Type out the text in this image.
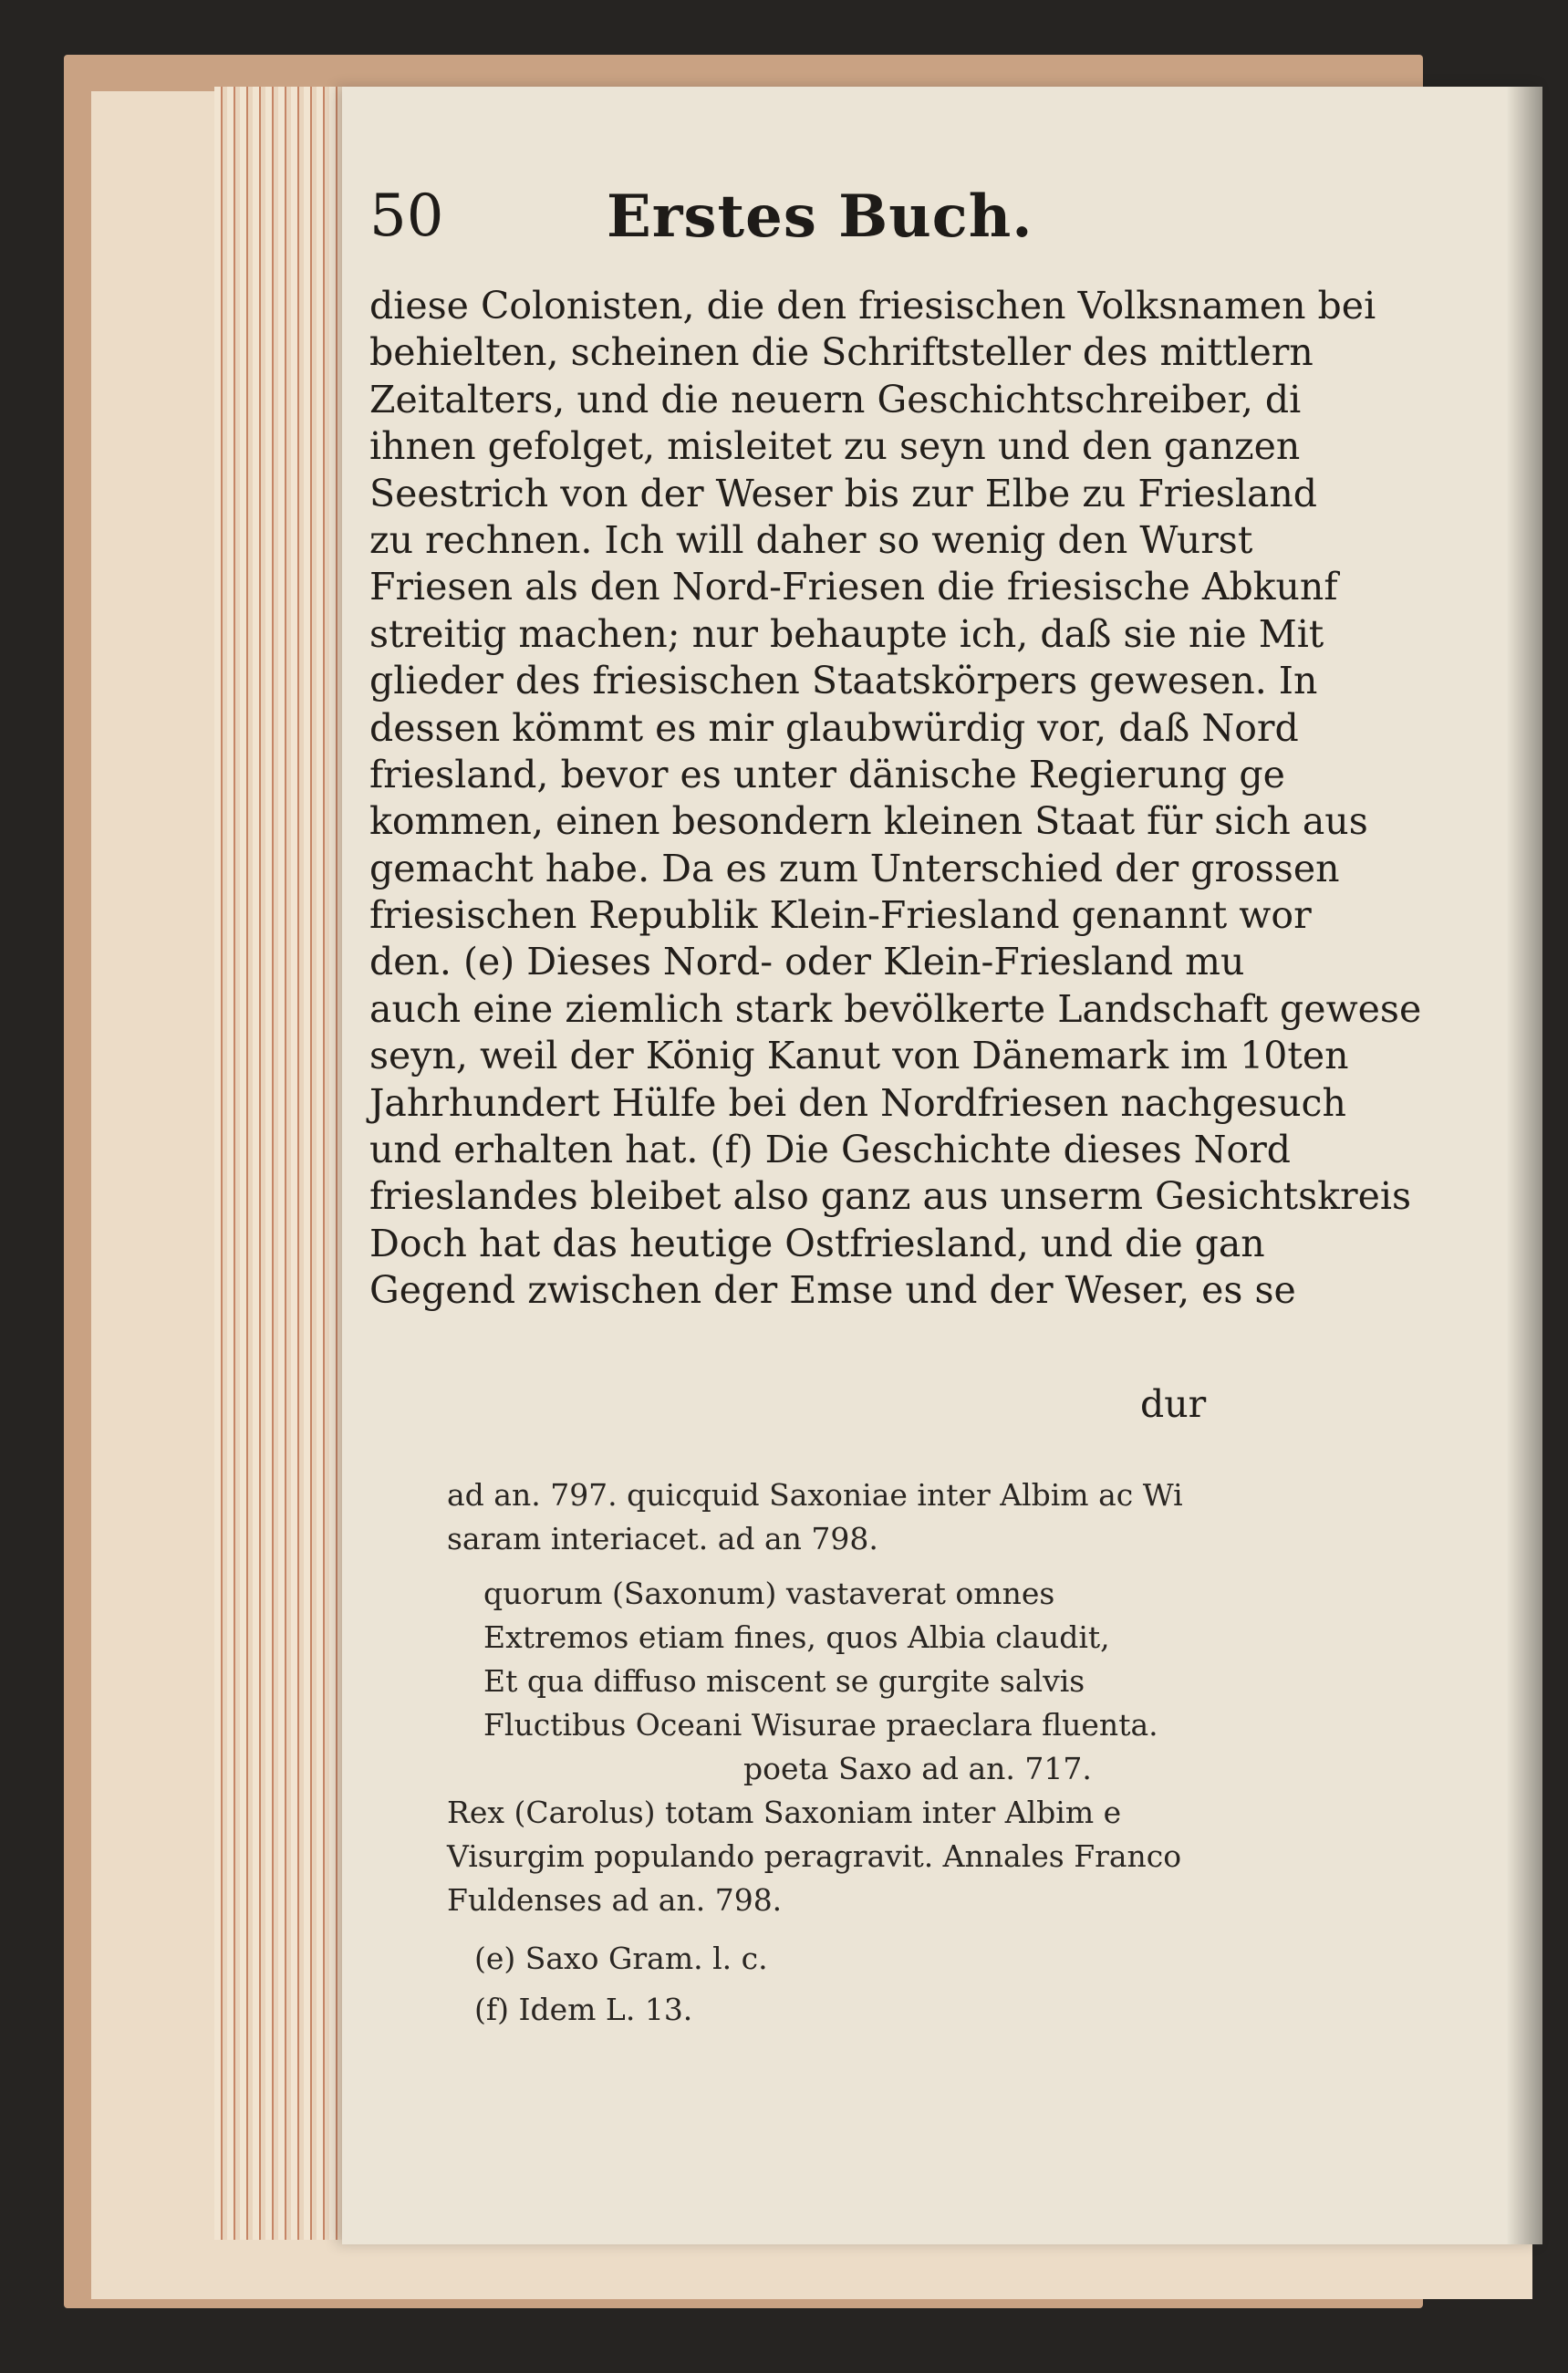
50	Erstes Buch.
diese Colonisten, die den friesischen Volksnamen bei
behielten, scheinen die Schriftsteller des mittlern
Zeitalters, und die neuern Geschichtschreiber, di
ihnen gefolget, misleitet zu seyn und den ganzen
Seestrich von der Weser bis zur Elbe zu Friesland
zu rechnen. Ich will daher so wenig den Wurst
Friesen als den Nord-Friesen die friesische Abkunf
streitig machen; nur behaupte ich, daß sie nie Mit
glieder des friesischen Staatskörpers gewesen. In
dessen kömmt es mir glaubwürdig vor, daß Nord
friesland, bevor es unter dänische Regierung ge
kommen, einen besondern kleinen Staat für sich aus
gemacht habe. Da es zum Unterschied der grossen
friesischen Republik Klein-Friesland genannt wor
den. (e) Dieses Nord- oder Klein-Friesland mu
auch eine ziemlich stark bevölkerte Landschaft gewese
seyn, weil der König Kanut von Dänemark im 10ten
Jahrhundert Hülfe bei den Nordfriesen nachgesuch
und erhalten hat. (f) Die Geschichte dieses Nord
frieslandes bleibet also ganz aus unserm Gesichtskreis
Doch hat das heutige Ostfriesland, und die gan
Gegend zwischen der Emse und der Weser, es se
dur
ad an. 797. quicquid Saxoniae inter Albim ac Wi
saram interiacet. ad an 798.
quorum (Saxonum) vastaverat omnes
Extremos etiam fines, quos Albia claudit,
Et qua diffuso miscent se gurgite salvis
Fluctibus Oceani Wisurae praeclara fluenta.
poeta Saxo ad an. 717.
Rex (Carolus) totam Saxoniam inter Albim e
Visurgim populando peragravit. Annales Franco
Fuldenses ad an. 798.
(e) Saxo Gram. l. c.
(f) Idem L. 13.
